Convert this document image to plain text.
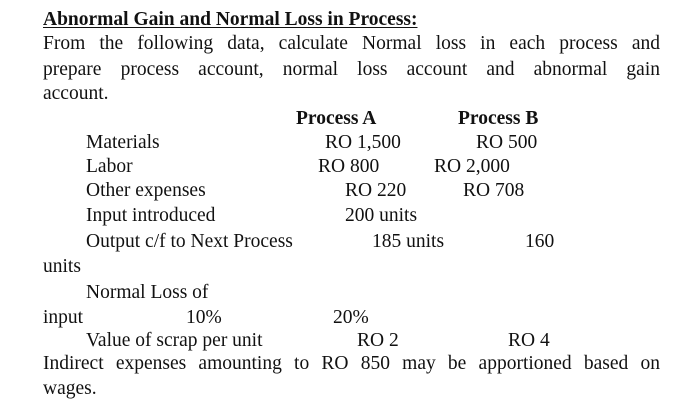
Abnormal Gain and Normal Loss in Process:
From the following data, calculate Normal loss in each process and
prepare process account, normal loss account and abnormal gain
account.
Process A	Process B
Materials	RO 1,500	RO 500
Labor	RO 800	RO 2,000
Other expenses	RO 220	RO 708
Input introduced	200 units
Output c/f to Next Process	185 units	160
units
Normal Loss of
input	10%	20%
Value of scrap per unit	RO 2	RO 4
Indirect expenses amounting to RO 850 may be apportioned based on
wages.
